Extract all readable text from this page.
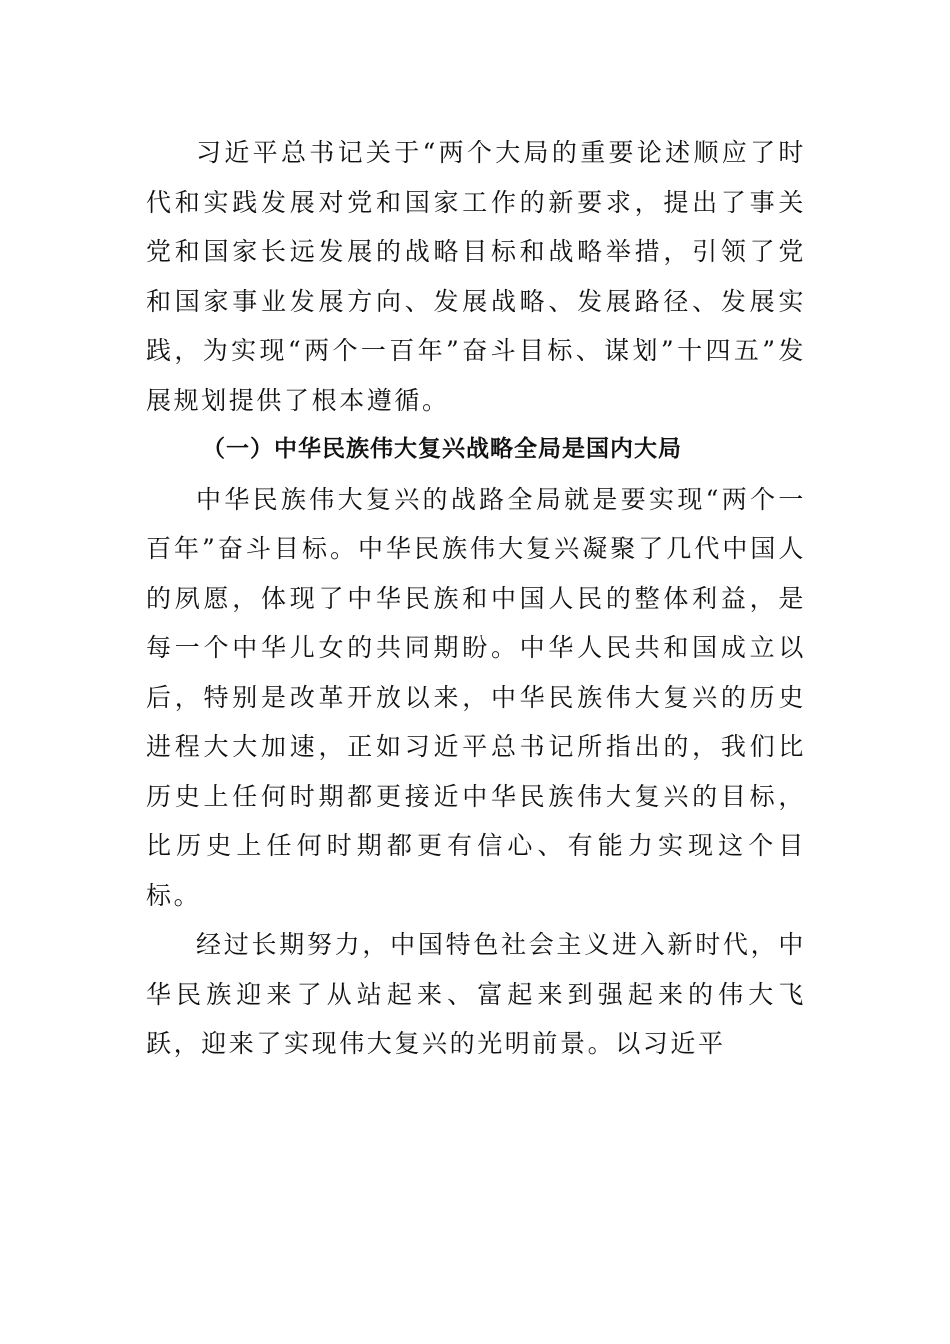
习近平总书记关于“两个大局的重要论述顺应了时代和实践发展对党和国家工作的新要求，提出了事关党和国家长远发展的战略目标和战略举措，引领了党和国家事业发展方向、发展战略、发展路径、发展实践，为实现“两个一百年”奋斗目标、谋划”十四五”发展规划提供了根本遵循。

（一）中华民族伟大复兴战略全局是国内大局

中华民族伟大复兴的战路全局就是要实现“两个一百年”奋斗目标。中华民族伟大复兴凝聚了几代中国人的夙愿，体现了中华民族和中国人民的整体利益，是每一个中华儿女的共同期盼。中华人民共和国成立以后，特别是改革开放以来，中华民族伟大复兴的历史进程大大加速，正如习近平总书记所指出的，我们比历史上任何时期都更接近中华民族伟大复兴的目标，比历史上任何时期都更有信心、有能力实现这个目标。

经过长期努力，中国特色社会主义进入新时代，中华民族迎来了从站起来、富起来到强起来的伟大飞跃，迎来了实现伟大复兴的光明前景。以习近平
